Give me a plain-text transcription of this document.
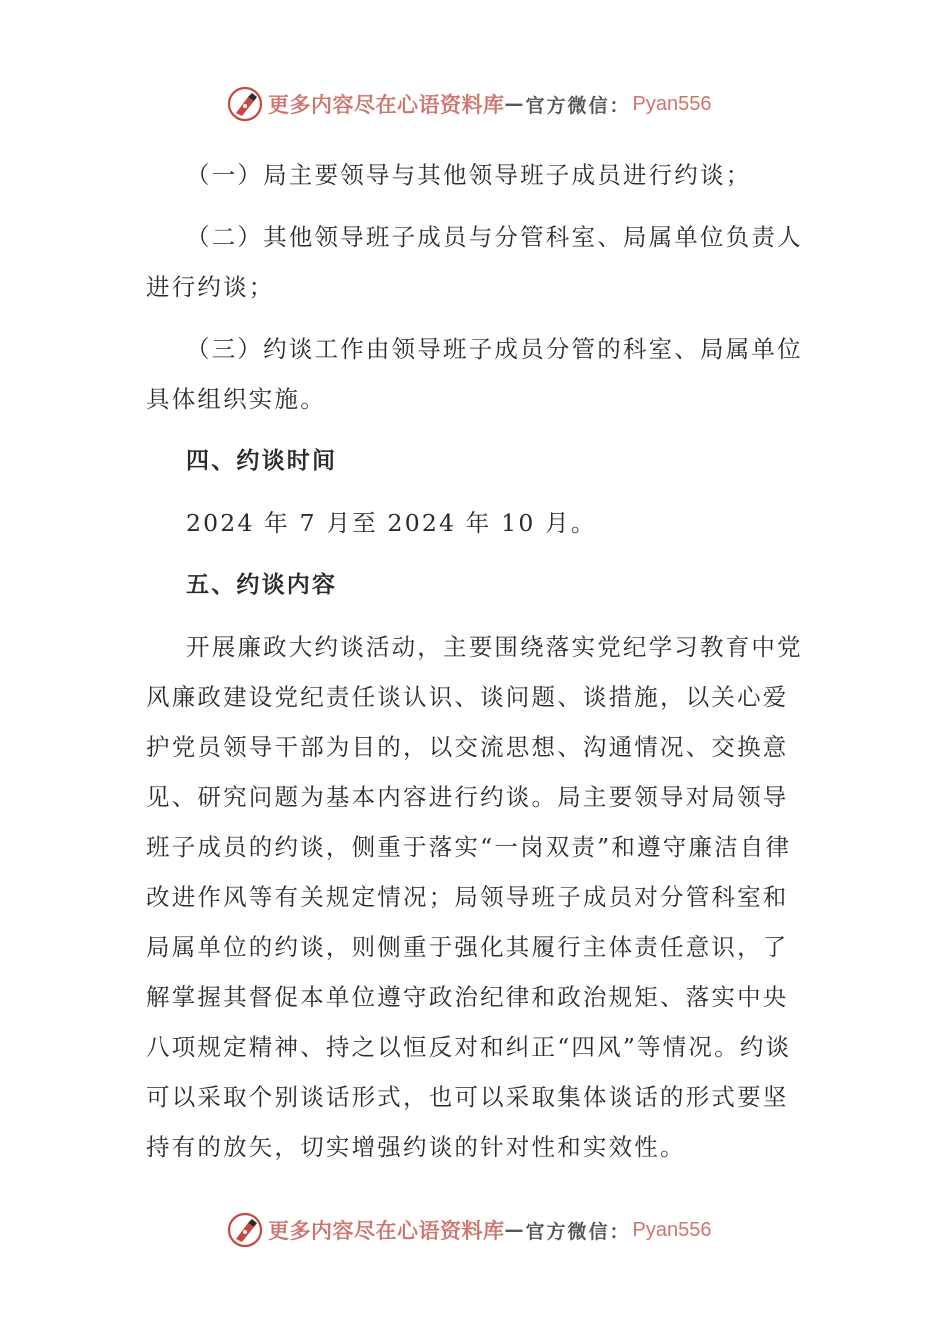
更多内容尽在心语资料库 — 官方微信： Pyan556

（一）局主要领导与其他领导班子成员进行约谈；

（二）其他领导班子成员与分管科室、局属单位负责人进行约谈；

（三）约谈工作由领导班子成员分管的科室、局属单位具体组织实施。

四、约谈时间

2024 年 7 月至 2024 年 10 月。

五、约谈内容

开展廉政大约谈活动，主要围绕落实党纪学习教育中党风廉政建设党纪责任谈认识、谈问题、谈措施，以关心爱护党员领导干部为目的，以交流思想、沟通情况、交换意见、研究问题为基本内容进行约谈。局主要领导对局领导班子成员的约谈，侧重于落实“一岗双责”和遵守廉洁自律改进作风等有关规定情况；局领导班子成员对分管科室和局属单位的约谈，则侧重于强化其履行主体责任意识，了解掌握其督促本单位遵守政治纪律和政治规矩、落实中央八项规定精神、持之以恒反对和纠正“四风”等情况。约谈可以采取个别谈话形式，也可以采取集体谈话的形式要坚持有的放矢，切实增强约谈的针对性和实效性。

更多内容尽在心语资料库 — 官方微信： Pyan556
